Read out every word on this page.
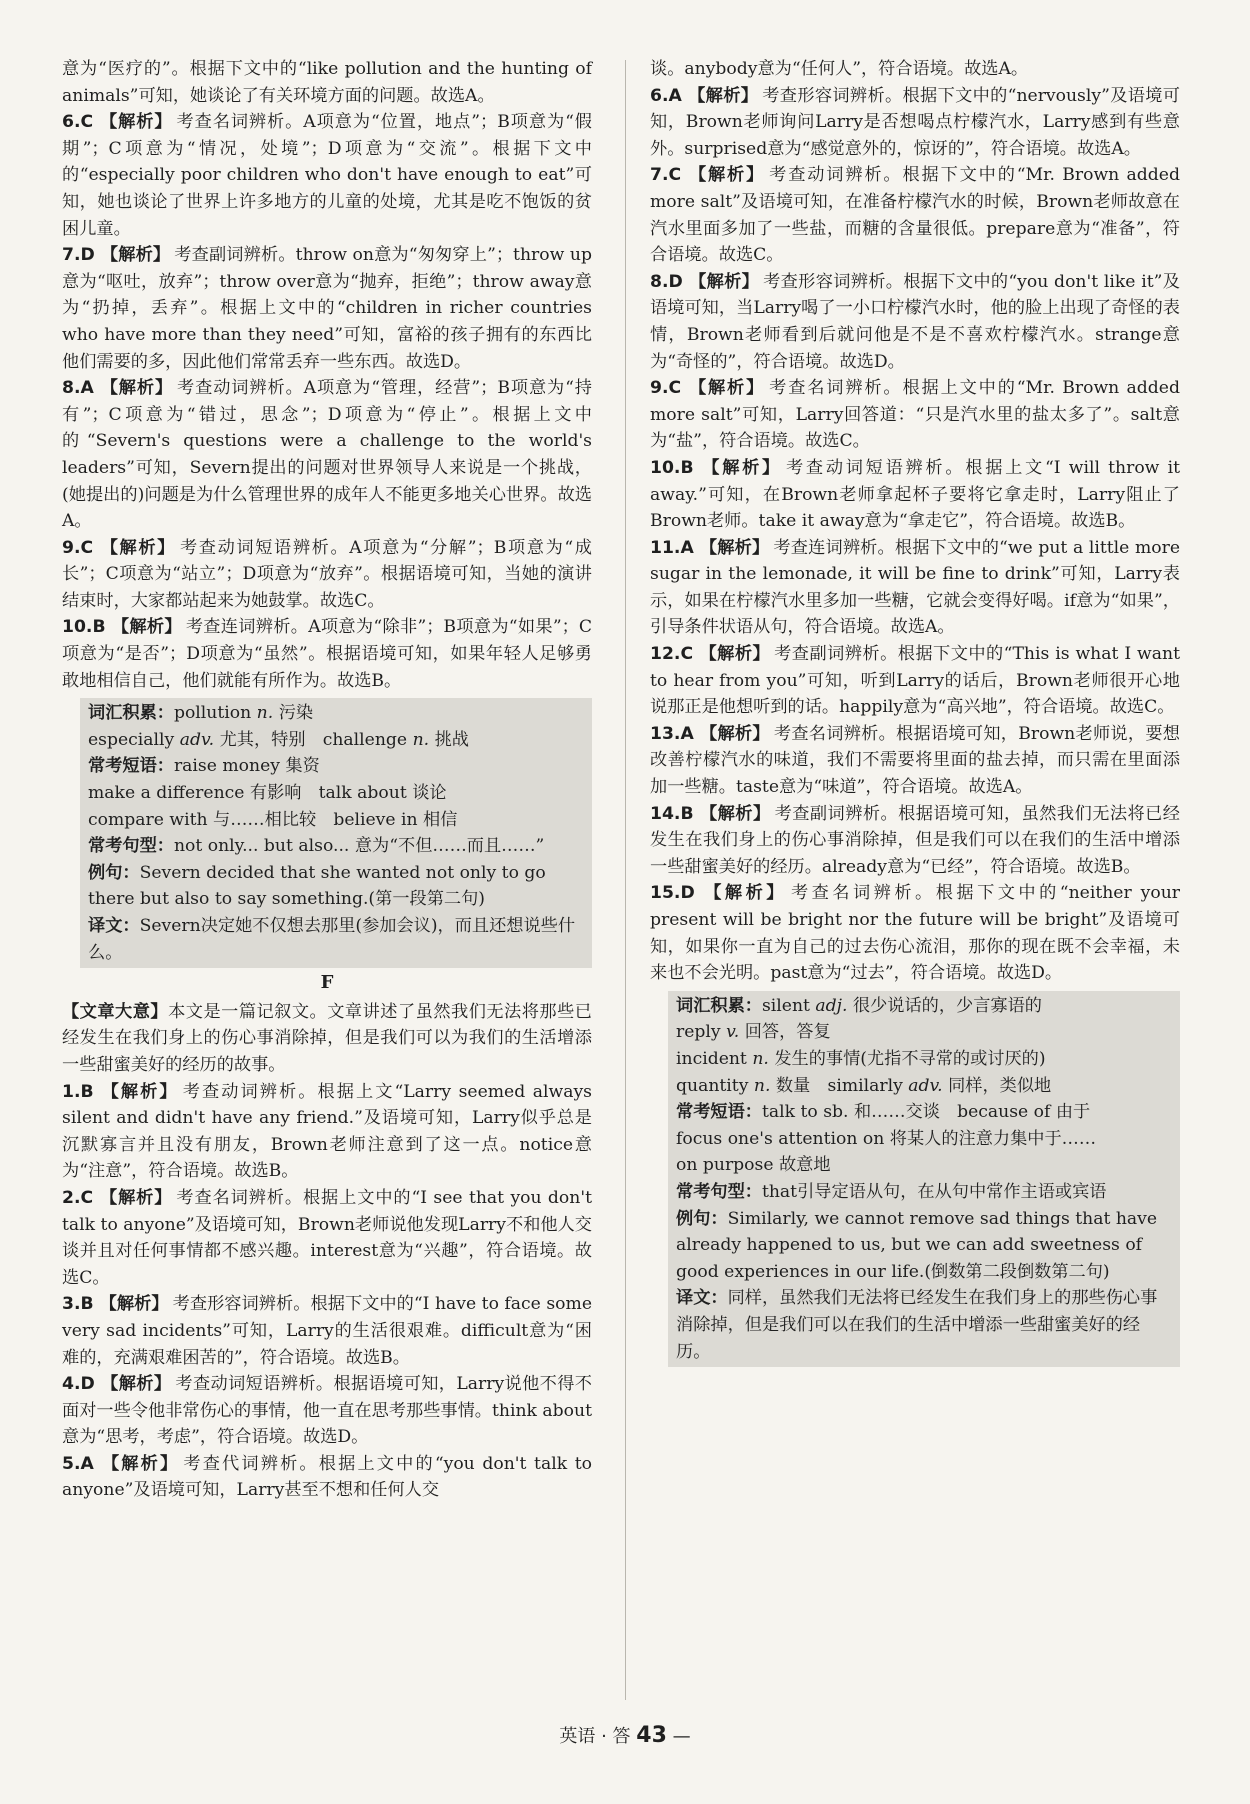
意为“医疗的”。根据下文中的“like pollution and the hunting of animals”可知，她谈论了有关环境方面的问题。故选A。

6.C 【解析】 考查名词辨析。A项意为“位置，地点”；B项意为“假期”；C项意为“情况，处境”；D项意为“交流”。根据下文中的“especially poor children who don't have enough to eat”可知，她也谈论了世界上许多地方的儿童的处境，尤其是吃不饱饭的贫困儿童。

7.D 【解析】 考查副词辨析。throw on意为“匆匆穿上”；throw up意为“呕吐，放弃”；throw over意为“抛弃，拒绝”；throw away意为“扔掉，丢弃”。根据上文中的“children in richer countries who have more than they need”可知，富裕的孩子拥有的东西比他们需要的多，因此他们常常丢弃一些东西。故选D。

8.A 【解析】 考查动词辨析。A项意为“管理，经营”；B项意为“持有”；C项意为“错过，思念”；D项意为“停止”。根据上文中的“Severn's questions were a challenge to the world's leaders”可知，Severn提出的问题对世界领导人来说是一个挑战，(她提出的)问题是为什么管理世界的成年人不能更多地关心世界。故选A。

9.C 【解析】 考查动词短语辨析。A项意为“分解”；B项意为“成长”；C项意为“站立”；D项意为“放弃”。根据语境可知，当她的演讲结束时，大家都站起来为她鼓掌。故选C。

10.B 【解析】 考查连词辨析。A项意为“除非”；B项意为“如果”；C项意为“是否”；D项意为“虽然”。根据语境可知，如果年轻人足够勇敢地相信自己，他们就能有所作为。故选B。

词汇积累：pollution n. 污染

especially adv. 尤其，特别　 challenge n. 挑战

常考短语：raise money 集资

make a difference 有影响　talk about 谈论

compare with 与……相比较　believe in 相信

常考句型：not only... but also... 意为“不但……而且……”

例句：Severn decided that she wanted not only to go there but also to say something.(第一段第二句)

译文：Severn决定她不仅想去那里(参加会议)，而且还想说些什么。

F

【文章大意】本文是一篇记叙文。文章讲述了虽然我们无法将那些已经发生在我们身上的伤心事消除掉，但是我们可以为我们的生活增添一些甜蜜美好的经历的故事。

1.B 【解析】 考查动词辨析。根据上文“Larry seemed always silent and didn't have any friend.”及语境可知，Larry似乎总是沉默寡言并且没有朋友，Brown老师注意到了这一点。notice意为“注意”，符合语境。故选B。

2.C 【解析】 考查名词辨析。根据上文中的“I see that you don't talk to anyone”及语境可知，Brown老师说他发现Larry不和他人交谈并且对任何事情都不感兴趣。interest意为“兴趣”，符合语境。故选C。

3.B 【解析】 考查形容词辨析。根据下文中的“I have to face some very sad incidents”可知，Larry的生活很艰难。difficult意为“困难的，充满艰难困苦的”，符合语境。故选B。

4.D 【解析】 考查动词短语辨析。根据语境可知，Larry说他不得不面对一些令他非常伤心的事情，他一直在思考那些事情。think about意为“思考，考虑”，符合语境。故选D。

5.A 【解析】 考查代词辨析。根据上文中的“you don't talk to anyone”及语境可知，Larry甚至不想和任何人交

谈。anybody意为“任何人”，符合语境。故选A。

6.A 【解析】 考查形容词辨析。根据下文中的“nervously”及语境可知，Brown老师询问Larry是否想喝点柠檬汽水，Larry感到有些意外。surprised意为“感觉意外的，惊讶的”，符合语境。故选A。

7.C 【解析】 考查动词辨析。根据下文中的“Mr. Brown added more salt”及语境可知，在准备柠檬汽水的时候，Brown老师故意在汽水里面多加了一些盐，而糖的含量很低。prepare意为“准备”，符合语境。故选C。

8.D 【解析】 考查形容词辨析。根据下文中的“you don't like it”及语境可知，当Larry喝了一小口柠檬汽水时，他的脸上出现了奇怪的表情，Brown老师看到后就问他是不是不喜欢柠檬汽水。strange意为“奇怪的”，符合语境。故选D。

9.C 【解析】 考查名词辨析。根据上文中的“Mr. Brown added more salt”可知，Larry回答道：“只是汽水里的盐太多了”。salt意为“盐”，符合语境。故选C。

10.B 【解析】 考查动词短语辨析。根据上文“I will throw it away.”可知，在Brown老师拿起杯子要将它拿走时，Larry阻止了Brown老师。take it away意为“拿走它”，符合语境。故选B。

11.A 【解析】 考查连词辨析。根据下文中的“we put a little more sugar in the lemonade, it will be fine to drink”可知，Larry表示，如果在柠檬汽水里多加一些糖，它就会变得好喝。if意为“如果”，引导条件状语从句，符合语境。故选A。

12.C 【解析】 考查副词辨析。根据下文中的“This is what I want to hear from you”可知，听到Larry的话后，Brown老师很开心地说那正是他想听到的话。happily意为“高兴地”，符合语境。故选C。

13.A 【解析】 考查名词辨析。根据语境可知，Brown老师说，要想改善柠檬汽水的味道，我们不需要将里面的盐去掉，而只需在里面添加一些糖。taste意为“味道”，符合语境。故选A。

14.B 【解析】 考查副词辨析。根据语境可知，虽然我们无法将已经发生在我们身上的伤心事消除掉，但是我们可以在我们的生活中增添一些甜蜜美好的经历。already意为“已经”，符合语境。故选B。

15.D 【解析】 考查名词辨析。根据下文中的“neither your present will be bright nor the future will be bright”及语境可知，如果你一直为自己的过去伤心流泪，那你的现在既不会幸福，未来也不会光明。past意为“过去”，符合语境。故选D。

词汇积累：silent adj. 很少说话的，少言寡语的

reply v. 回答，答复

incident n. 发生的事情(尤指不寻常的或讨厌的)

quantity n. 数量　 similarly adv. 同样，类似地

常考短语：talk to sb. 和……交谈　because of 由于

focus one's attention on 将某人的注意力集中于……

on purpose 故意地

常考句型：that引导定语从句，在从句中常作主语或宾语

例句：Similarly, we cannot remove sad things that have already happened to us, but we can add sweetness of good experiences in our life.(倒数第二段倒数第二句)

译文：同样，虽然我们无法将已经发生在我们身上的那些伤心事消除掉，但是我们可以在我们的生活中增添一些甜蜜美好的经历。

英语 · 答 43 —
